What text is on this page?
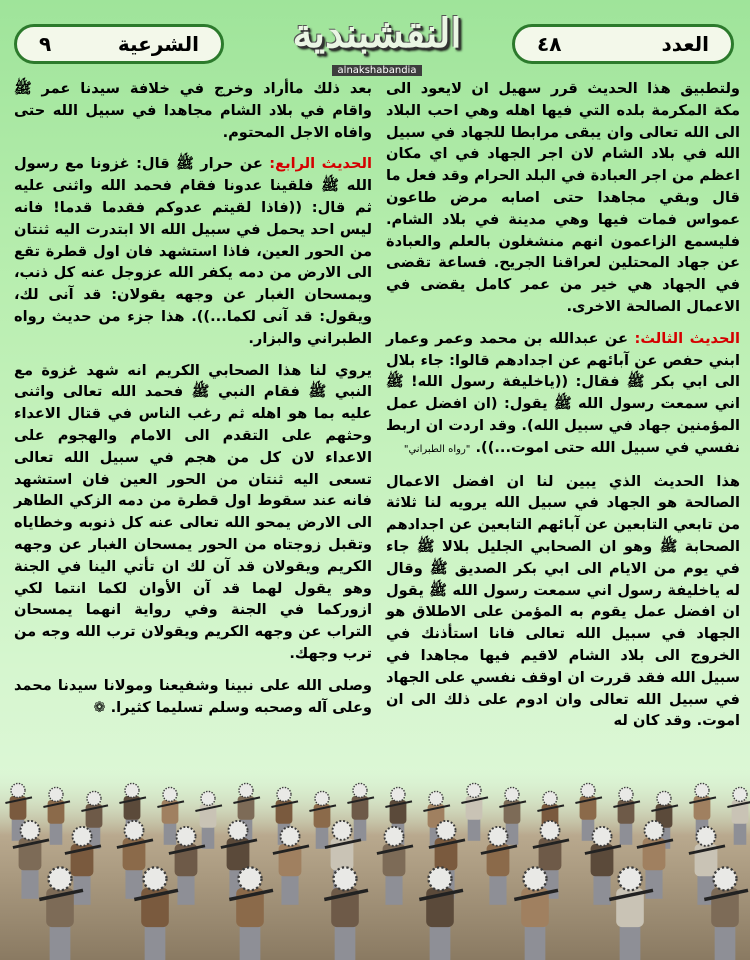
٩	الشرعية	النقشبندية
alnakshabandia
٤٨	العدد

ولتطبيق هذا الحديث قرر سهيل ان لايعود الى مكة المكرمة بلده التي فيها اهله وهي احب البلاد الى الله تعالى وان يبقى مرابطا للجهاد في سبيل الله في بلاد الشام لان اجر الجهاد في اي مكان اعظم من اجر العبادة في البلد الحرام وقد فعل ما قال وبقي مجاهدا حتى اصابه مرض طاعون عمواس فمات فيها وهي مدينة في بلاد الشام. فليسمع الزاعمون انهم منشغلون بالعلم والعبادة عن جهاد المحتلين لعراقنا الجريح. فساعة تقضى في الجهاد هي خير من عمر كامل يقضى في الاعمال الصالحة الاخرى.

الحديث الثالث: عن عبدالله بن محمد وعمر وعمار ابني حفص عن آبائهم عن اجدادهم قالوا: جاء بلال الى ابي بكر ﷺ فقال: ((ياخليفة رسول الله! ﷺ اني سمعت رسول الله ﷺ يقول: (ان افضل عمل المؤمنين جهاد في سبيل الله). وقد اردت ان اربط نفسي في سبيل الله حتى اموت...)). "رواه الطبراني"

هذا الحديث الذي يبين لنا ان افضل الاعمال الصالحة هو الجهاد في سبيل الله يرويه لنا ثلاثة من تابعي التابعين عن آبائهم التابعين عن اجدادهم الصحابة ﷺ وهو ان الصحابي الجليل بلالا ﷺ جاء في يوم من الايام الى ابي بكر الصديق ﷺ وقال له ياخليفة رسول اني سمعت رسول الله ﷺ يقول ان افضل عمل يقوم به المؤمن على الاطلاق هو الجهاد في سبيل الله تعالى فانا استأذنك في الخروج الى بلاد الشام لاقيم فيها مجاهدا في سبيل الله فقد قررت ان اوقف نفسي على الجهاد في سبيل الله تعالى وان ادوم على ذلك الى ان اموت. وقد كان له

بعد ذلك ماأراد وخرج في خلافة سيدنا عمر ﷺ واقام في بلاد الشام مجاهدا في سبيل الله حتى وافاه الاجل المحتوم.

الحديث الرابع: عن حرار ﷺ قال: غزونا مع رسول الله ﷺ فلقينا عدونا فقام فحمد الله واثنى عليه ثم قال: ((فاذا لقيتم عدوكم فقدما قدما! فانه ليس احد يحمل في سبيل الله الا ابتدرت اليه ثنتان من الحور العين، فاذا استشهد فان اول قطرة تقع الى الارض من دمه يكفر الله عزوجل عنه كل ذنب، ويمسحان الغبار عن وجهه يقولان: قد آنى لك، ويقول: قد آنى لكما...)). هذا جزء من حديث رواه الطبراني والبزار.

يروي لنا هذا الصحابي الكريم انه شهد غزوة مع النبي ﷺ فقام النبي ﷺ فحمد الله تعالى واثنى عليه بما هو اهله ثم رغب الناس في قتال الاعداء وحثهم على التقدم الى الامام والهجوم على الاعداء لان كل من هجم في سبيل الله تعالى تسعى اليه ثنتان من الحور العين فان استشهد فانه عند سقوط اول قطرة من دمه الزكي الطاهر الى الارض يمحو الله تعالى عنه كل ذنوبه وخطاياه وتقبل زوجتاه من الحور يمسحان الغبار عن وجهه الكريم ويقولان قد آن لك ان تأتي الينا في الجنة وهو يقول لهما قد آن الأوان لكما انتما لكي ازوركما في الجنة وفي رواية انهما يمسحان التراب عن وجهه الكريم ويقولان ترب الله وجه من ترب وجهك.

وصلى الله على نبينا وشفيعنا ومولانا سيدنا محمد وعلى آله وصحبه وسلم تسليما كثيرا. ❁
